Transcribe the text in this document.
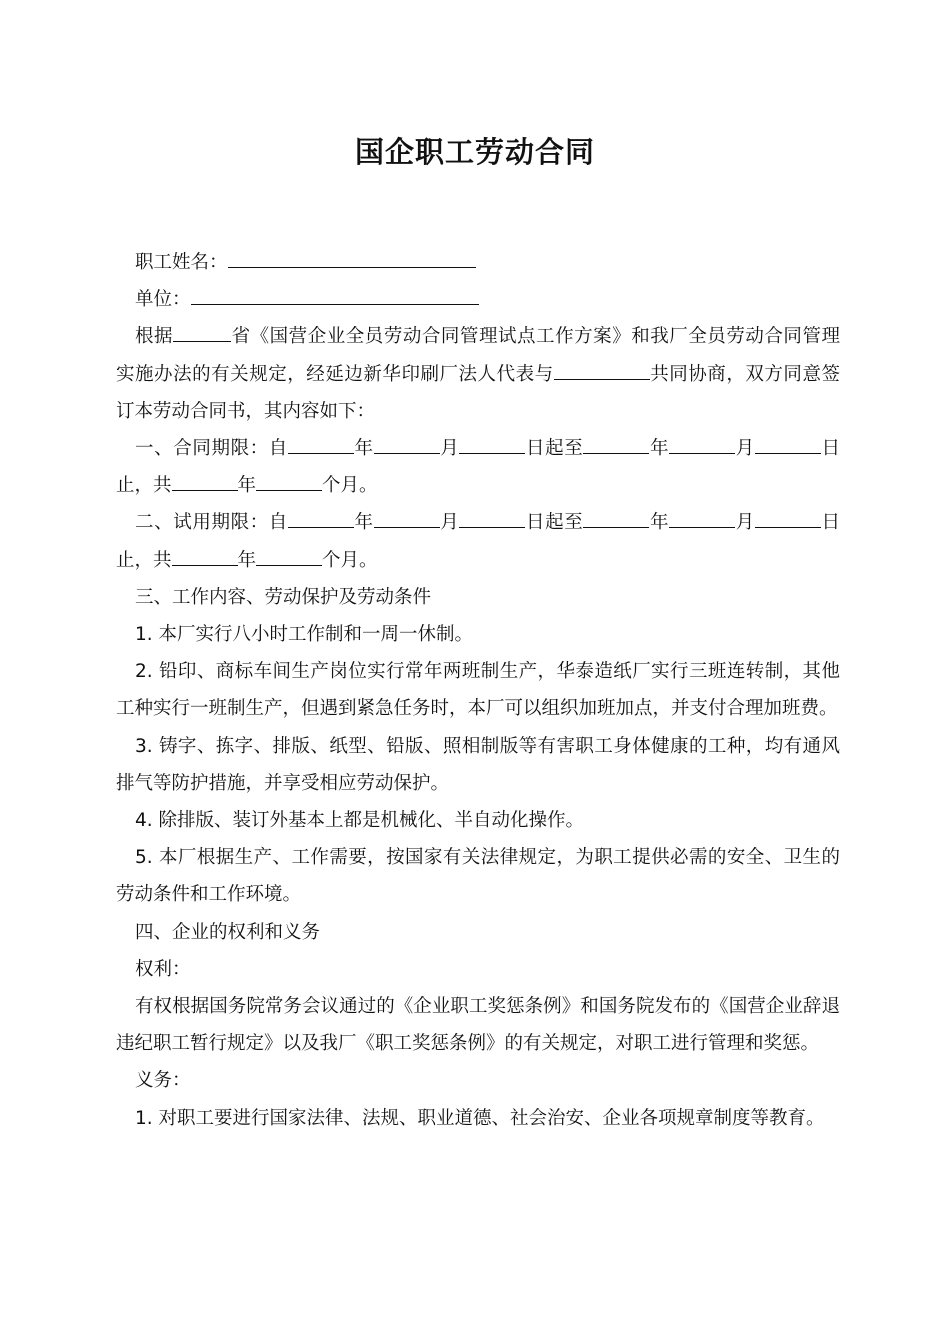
国企职工劳动合同

职工姓名：

单位：

根据	省《国营企业全员劳动合同管理试点工作方案》和我厂全员劳动合同管理实施办法的有关规定，经延边新华印刷厂法人代表与	共同协商，双方同意签订本劳动合同书，其内容如下：

一、合同期限：自	年	月	日起至	年	月	日止，共	年	个月。

二、试用期限：自	年	月	日起至	年	月	日止，共	年	个月。

三、工作内容、劳动保护及劳动条件

1. 本厂实行八小时工作制和一周一休制。

2. 铅印、商标车间生产岗位实行常年两班制生产，华泰造纸厂实行三班连转制，其他工种实行一班制生产，但遇到紧急任务时，本厂可以组织加班加点，并支付合理加班费。

3. 铸字、拣字、排版、纸型、铅版、照相制版等有害职工身体健康的工种，均有通风排气等防护措施，并享受相应劳动保护。

4. 除排版、装订外基本上都是机械化、半自动化操作。

5. 本厂根据生产、工作需要，按国家有关法律规定，为职工提供必需的安全、卫生的劳动条件和工作环境。

四、企业的权利和义务

权利：

有权根据国务院常务会议通过的《企业职工奖惩条例》和国务院发布的《国营企业辞退违纪职工暂行规定》以及我厂《职工奖惩条例》的有关规定，对职工进行管理和奖惩。

义务：

1. 对职工要进行国家法律、法规、职业道德、社会治安、企业各项规章制度等教育。
